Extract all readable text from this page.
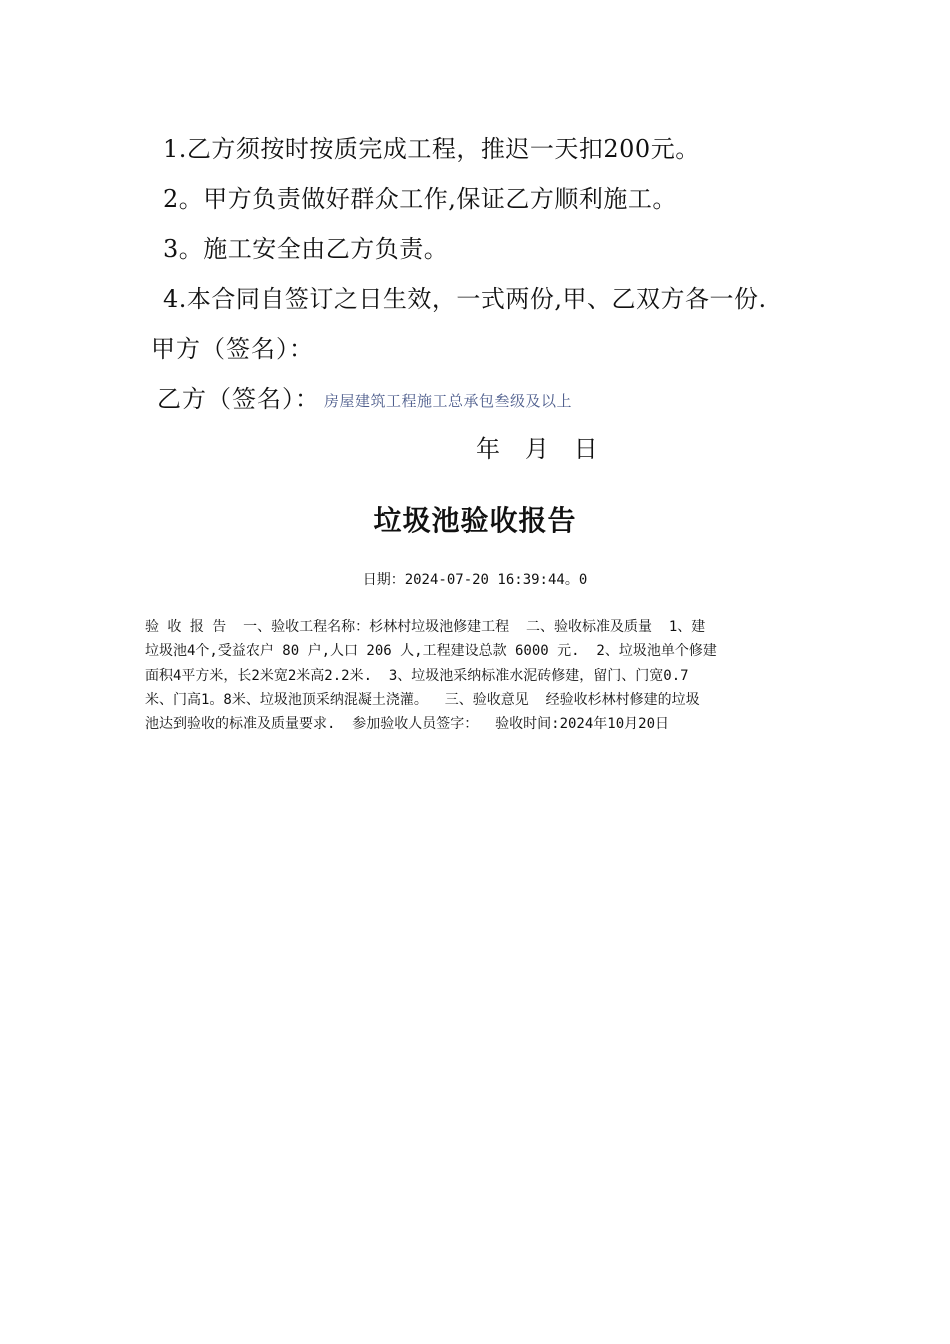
1.乙方须按时按质完成工程，推迟一天扣200元。
2。甲方负责做好群众工作,保证乙方顺利施工。
3。施工安全由乙方负责。
4.本合同自签订之日生效，一式两份,甲、乙双方各一份.
甲方（签名）：
乙方（签名）： 房屋建筑工程施工总承包叁级及以上
年   月   日
垃圾池验收报告
日期：2024-07-20 16:39:44。0
验 收 报 告  一、验收工程名称：杉林村垃圾池修建工程  二、验收标准及质量  1、建
垃圾池4个,受益农户 80 户,人口 206 人,工程建设总款 6000 元.  2、垃圾池单个修建
面积4平方米，长2米宽2米高2.2米.  3、垃圾池采纳标准水泥砖修建，留门、门宽0.7
米、门高1。8米、垃圾池顶采纳混凝土浇灌。  三、验收意见  经验收杉林村修建的垃圾
池达到验收的标准及质量要求.  参加验收人员签字：  验收时间:2024年10月20日
